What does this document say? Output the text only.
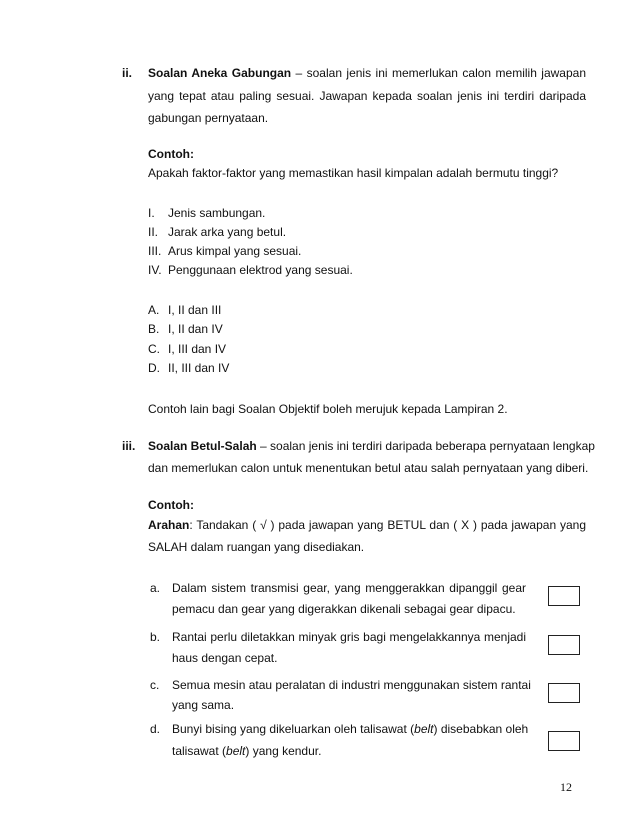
ii. Soalan Aneka Gabungan – soalan jenis ini memerlukan calon memilih jawapan
yang tepat atau paling sesuai. Jawapan kepada soalan jenis ini terdiri daripada
gabungan pernyataan.
Contoh:
Apakah faktor-faktor yang memastikan hasil kimpalan adalah bermutu tinggi?
I. Jenis sambungan.
II. Jarak arka yang betul.
III. Arus kimpal yang sesuai.
IV. Penggunaan elektrod yang sesuai.
A. I, II dan III
B. I, II dan IV
C. I, III dan IV
D. II, III dan IV
Contoh lain bagi Soalan Objektif boleh merujuk kepada Lampiran 2.
iii. Soalan Betul-Salah – soalan jenis ini terdiri daripada beberapa pernyataan lengkap
dan memerlukan calon untuk menentukan betul atau salah pernyataan yang diberi.
Contoh:
Arahan: Tandakan ( √ ) pada jawapan yang BETUL dan ( X ) pada jawapan yang
SALAH dalam ruangan yang disediakan.
a. Dalam sistem transmisi gear, yang menggerakkan dipanggil gear
pemacu dan gear yang digerakkan dikenali sebagai gear dipacu.
b. Rantai perlu diletakkan minyak gris bagi mengelakkannya menjadi
haus dengan cepat.
c. Semua mesin atau peralatan di industri menggunakan sistem rantai
yang sama.
d. Bunyi bising yang dikeluarkan oleh talisawat (belt) disebabkan oleh
talisawat (belt) yang kendur.
12
